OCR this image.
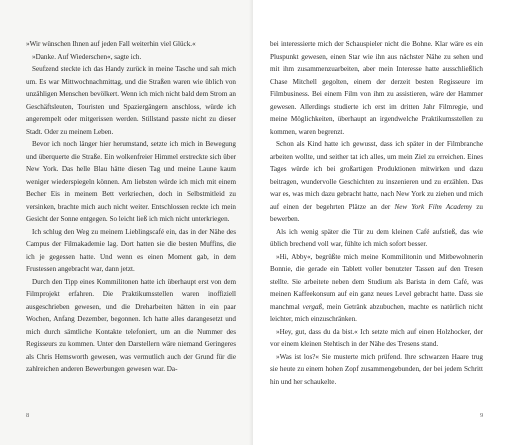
»Wir wünschen Ihnen auf jeden Fall weiterhin viel Glück.«

»Danke. Auf Wiederschen«, sagte ich.

Seufzend steckte ich das Handy zurück in meine Tasche und sah mich um. Es war Mittwochnachmittag, und die Straßen waren wie üblich von unzähligen Menschen bevölkert. Wenn ich mich nicht bald dem Strom an Geschäftsleuten, Touristen und Spaziergängern anschloss, würde ich angerempelt oder mitgerissen werden. Stillstand passte nicht zu dieser Stadt. Oder zu meinem Leben.

Bevor ich noch länger hier herumstand, setzte ich mich in Bewegung und überquerte die Straße. Ein wolkenfreier Himmel erstreckte sich über New York. Das helle Blau hätte diesen Tag und meine Laune kaum weniger wiederspiegeln können. Am liebsten würde ich mich mit einem Becher Eis in meinem Bett verkriechen, doch in Selbstmitleid zu versinken, brachte mich auch nicht weiter. Entschlossen reckte ich mein Gesicht der Sonne entgegen. So leicht ließ ich mich nicht unterkriegen.

Ich schlug den Weg zu meinem Lieblingscafé ein, das in der Nähe des Campus der Filmakademie lag. Dort hatten sie die besten Muffins, die ich je gegessen hatte. Und wenn es einen Moment gab, in dem Frustessen angebracht war, dann jetzt.

Durch den Tipp eines Kommilitonen hatte ich überhaupt erst von dem Filmprojekt erfahren. Die Praktikumsstellen waren inoffiziell ausgeschrieben gewesen, und die Dreharbeiten hätten in ein paar Wochen, Anfang Dezember, begonnen. Ich hatte alles darangesetzt und mich durch sämtliche Kontakte telefoniert, um an die Nummer des Regisseurs zu kommen. Unter den Darstellern wäre niemand Geringeres als Chris Hemsworth gewesen, was vermutlich auch der Grund für die zahlreichen anderen Bewerbungen gewesen war. Da-

8

bei interessierte mich der Schauspieler nicht die Bohne. Klar wäre es ein Pluspunkt gewesen, einen Star wie ihn aus nächster Nähe zu sehen und mit ihm zusammenzuarbeiten, aber mein Interesse hatte ausschließlich Chase Mitchell gegolten, einem der derzeit besten Regisseure im Filmbusiness. Bei einem Film von ihm zu assistieren, wäre der Hammer gewesen. Allerdings studierte ich erst im dritten Jahr Filmregie, und meine Möglichkeiten, überhaupt an irgendwelche Praktikumsstellen zu kommen, waren begrenzt.

Schon als Kind hatte ich gewusst, dass ich später in der Filmbranche arbeiten wollte, und seither tat ich alles, um mein Ziel zu erreichen. Eines Tages würde ich bei großartigen Produktionen mitwirken und dazu beitragen, wundervolle Geschichten zu inszenieren und zu erzählen. Das war es, was mich dazu gebracht hatte, nach New York zu ziehen und mich auf einen der begehrten Plätze an der New York Film Academy zu bewerben.

Als ich wenig später die Tür zu dem kleinen Café aufstieß, das wie üblich brechend voll war, fühlte ich mich sofort besser.

»Hi, Abby«, begrüßte mich meine Kommilitonin und Mitbewohnerin Bonnie, die gerade ein Tablett voller benutzter Tassen auf den Tresen stellte. Sie arbeitete neben dem Studium als Barista in dem Café, was meinen Kaffeekonsum auf ein ganz neues Level gebracht hatte. Dass sie manchmal vergaß, mein Getränk abzubuchen, machte es natürlich nicht leichter, mich einzuschränken.

»Hey, gut, dass du da bist.« Ich setzte mich auf einen Holzhocker, der vor einem kleinen Stehtisch in der Nähe des Tresens stand.

»Was ist los?« Sie musterte mich prüfend. Ihre schwarzen Haare trug sie heute zu einem hohen Zopf zusammengebunden, der bei jedem Schritt hin und her schaukelte.

9
